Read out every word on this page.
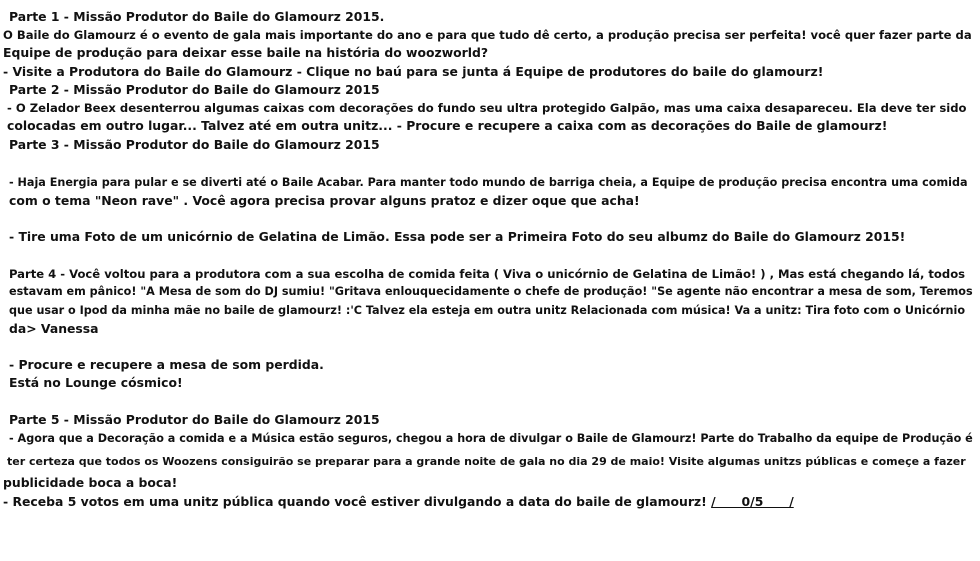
Parte 1 - Missão Produtor do Baile do Glamourz 2015.
O Baile do Glamourz é o evento de gala mais importante do ano e para que tudo dê certo, a produção precisa ser perfeita! você quer fazer parte da
Equipe de produção para deixar esse baile na história do woozworld?
- Visite a Produtora do Baile do Glamourz - Clique no baú para se junta á Equipe de produtores do baile do glamourz!
Parte 2 - Missão Produtor do Baile do Glamourz 2015
- O Zelador Beex desenterrou algumas caixas com decorações do fundo seu ultra protegido Galpão, mas uma caixa desapareceu. Ela deve ter sido
colocadas em outro lugar... Talvez até em outra unitz... - Procure e recupere a caixa com as decorações do Baile de glamourz!
Parte 3 - Missão Produtor do Baile do Glamourz 2015
- Haja Energia para pular e se diverti até o Baile Acabar. Para manter todo mundo de barriga cheia, a Equipe de produção precisa encontra uma comida
com o tema "Neon rave" . Você agora precisa provar alguns pratoz e dizer oque que acha!
- Tire uma Foto de um unicórnio de Gelatina de Limão. Essa pode ser a Primeira Foto do seu albumz do Baile do Glamourz 2015!
Parte 4 - Você voltou para a produtora com a sua escolha de comida feita ( Viva o unicórnio de Gelatina de Limão! ) , Mas está chegando lá, todos
estavam em pânico! "A Mesa de som do DJ sumiu! "Gritava enlouquecidamente o chefe de produção! "Se agente não encontrar a mesa de som, Teremos
que usar o Ipod da minha mãe no baile de glamourz! :'C Talvez ela esteja em outra unitz Relacionada com música! Va a unitz: Tira foto com o Unicórnio
da> Vanessa
- Procure e recupere a mesa de som perdida.
Está no Lounge cósmico!
Parte 5 - Missão Produtor do Baile do Glamourz 2015
- Agora que a Decoração a comida e a Música estão seguros, chegou a hora de divulgar o Baile de Glamourz! Parte do Trabalho da equipe de Produção é
ter certeza que todos os Woozens consiguirão se preparar para a grande noite de gala no dia 29 de maio! Visite algumas unitzs públicas e começe a fazer
publicidade boca a boca!
- Receba 5 votos em uma unitz pública quando você estiver divulgando a data do baile de glamourz! /      0/5      /
